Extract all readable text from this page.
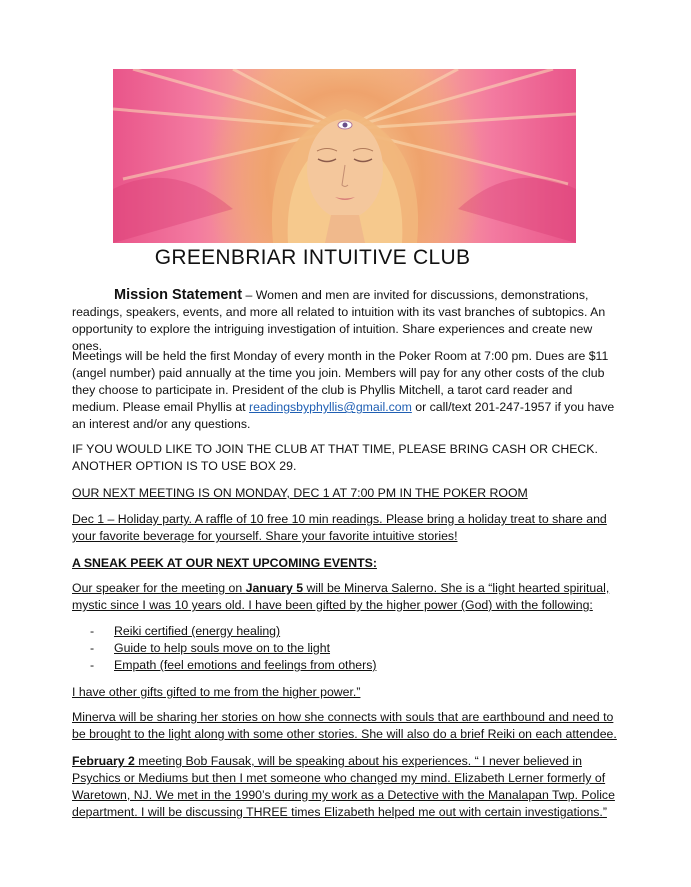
GREENBRIAR INTUITIVE CLUB
Mission Statement – Women and men are invited for discussions, demonstrations, readings, speakers, events, and more all related to intuition with its vast branches of subtopics. An opportunity to explore the intriguing investigation of intuition. Share experiences and create new ones.
Meetings will be held the first Monday of every month in the Poker Room at 7:00 pm. Dues are $11 (angel number) paid annually at the time you join. Members will pay for any other costs of the club they choose to participate in. President of the club is Phyllis Mitchell, a tarot card reader and medium. Please email Phyllis at readingsbyphyllis@gmail.com or call/text 201-247-1957 if you have an interest and/or any questions.
IF YOU WOULD LIKE TO JOIN THE CLUB AT THAT TIME, PLEASE BRING CASH OR CHECK. ANOTHER OPTION IS TO USE BOX 29.
OUR NEXT MEETING IS ON MONDAY, DEC 1 AT 7:00 PM IN THE POKER ROOM
Dec 1 – Holiday party. A raffle of 10 free 10 min readings. Please bring a holiday treat to share and your favorite beverage for yourself. Share your favorite intuitive stories!
A SNEAK PEEK AT OUR NEXT UPCOMING EVENTS:
Our speaker for the meeting on January 5 will be Minerva Salerno. She is a “light hearted spiritual, mystic since I was 10 years old. I have been gifted by the higher power (God) with the following:
- Reiki certified (energy healing)
- Guide to help souls move on to the light
- Empath (feel emotions and feelings from others)
I have other gifts gifted to me from the higher power.”
Minerva will be sharing her stories on how she connects with souls that are earthbound and need to be brought to the light along with some other stories. She will also do a brief Reiki on each attendee.
February 2 meeting Bob Fausak, will be speaking about his experiences. “ I never believed in Psychics or Mediums but then I met someone who changed my mind. Elizabeth Lerner formerly of Waretown, NJ. We met in the 1990’s during my work as a Detective with the Manalapan Twp. Police department. I will be discussing THREE times Elizabeth helped me out with certain investigations.”
